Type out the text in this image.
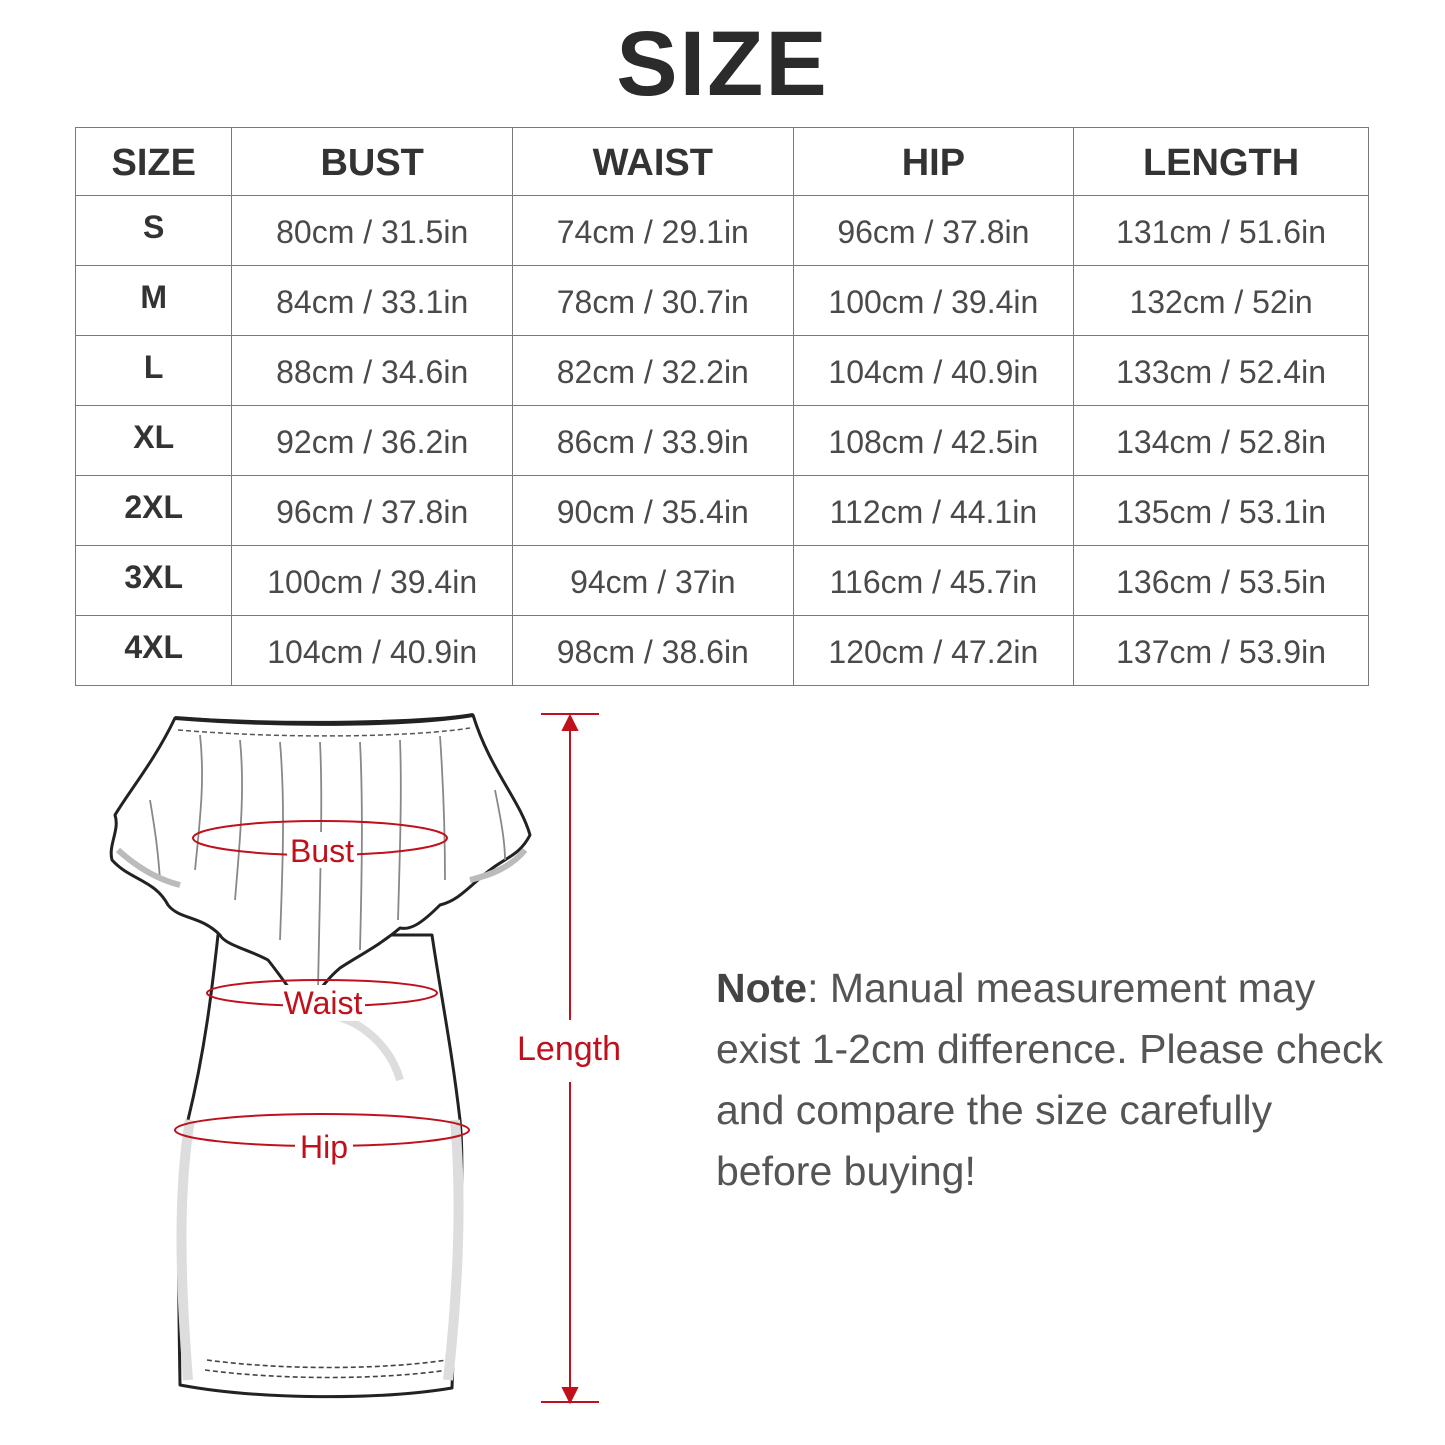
SIZE
SIZE	BUST	WAIST	HIP	LENGTH
S	80cm / 31.5in	74cm / 29.1in	96cm / 37.8in	131cm / 51.6in
M	84cm / 33.1in	78cm / 30.7in	100cm / 39.4in	132cm / 52in
L	88cm / 34.6in	82cm / 32.2in	104cm / 40.9in	133cm / 52.4in
XL	92cm / 36.2in	86cm / 33.9in	108cm / 42.5in	134cm / 52.8in
2XL	96cm / 37.8in	90cm / 35.4in	112cm / 44.1in	135cm / 53.1in
3XL	100cm / 39.4in	94cm / 37in	116cm / 45.7in	136cm / 53.5in
4XL	104cm / 40.9in	98cm / 38.6in	120cm / 47.2in	137cm / 53.9in
Bust
Waist
Hip
Length
Note: Manual measurement may exist 1-2cm difference. Please check and compare the size carefully before buying!
